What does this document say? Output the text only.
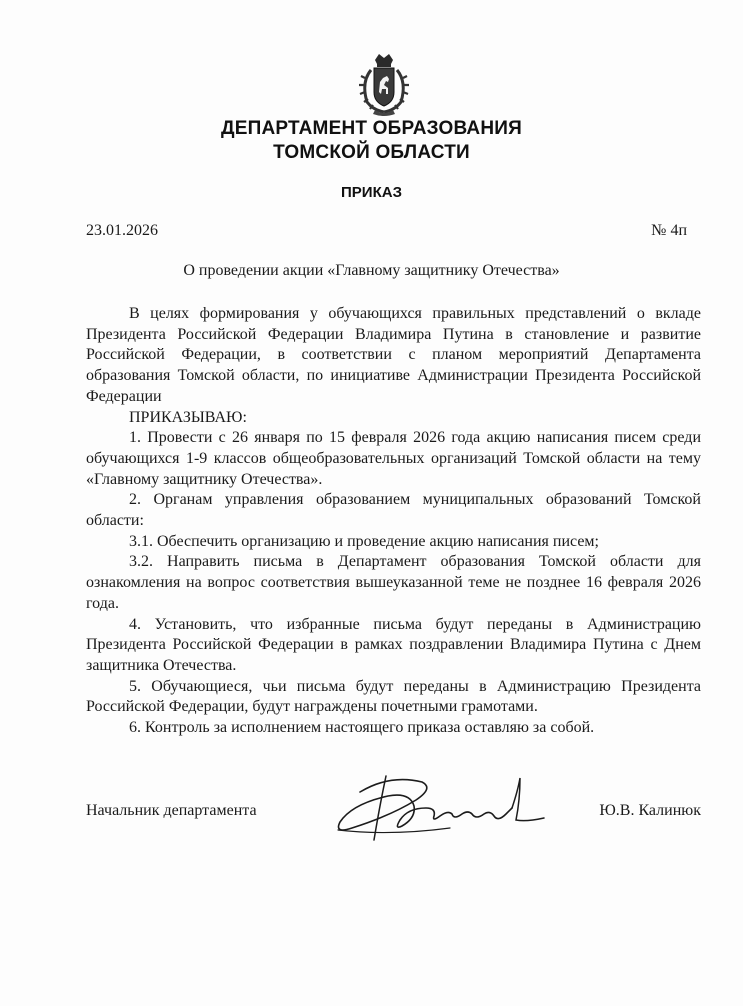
ДЕПАРТАМЕНТ ОБРАЗОВАНИЯ
ТОМСКОЙ ОБЛАСТИ
ПРИКАЗ
23.01.2026	№ 4п
О проведении акции «Главному защитнику Отечества»

В целях формирования у обучающихся правильных представлений о вкладе Президента Российской Федерации Владимира Путина в становление и развитие Российской Федерации, в соответствии с планом мероприятий Департамента образования Томской области, по инициативе Администрации Президента Российской Федерации

ПРИКАЗЫВАЮ:

1. Провести с 26 января по 15 февраля 2026 года акцию написания писем среди обучающихся 1-9 классов общеобразовательных организаций Томской области на тему «Главному защитнику Отечества».

2. Органам управления образованием муниципальных образований Томской области:

3.1. Обеспечить организацию и проведение акцию написания писем;

3.2. Направить письма в Департамент образования Томской области для ознакомления на вопрос соответствия вышеуказанной теме не позднее 16 февраля 2026 года.

4. Установить, что избранные письма будут переданы в Администрацию Президента Российской Федерации в рамках поздравлении Владимира Путина с Днем защитника Отечества.

5. Обучающиеся, чьи письма будут переданы в Администрацию Президента Российской Федерации, будут награждены почетными грамотами.

6. Контроль за исполнением настоящего приказа оставляю за собой.

Начальник департамента	Ю.В. Калинюк
